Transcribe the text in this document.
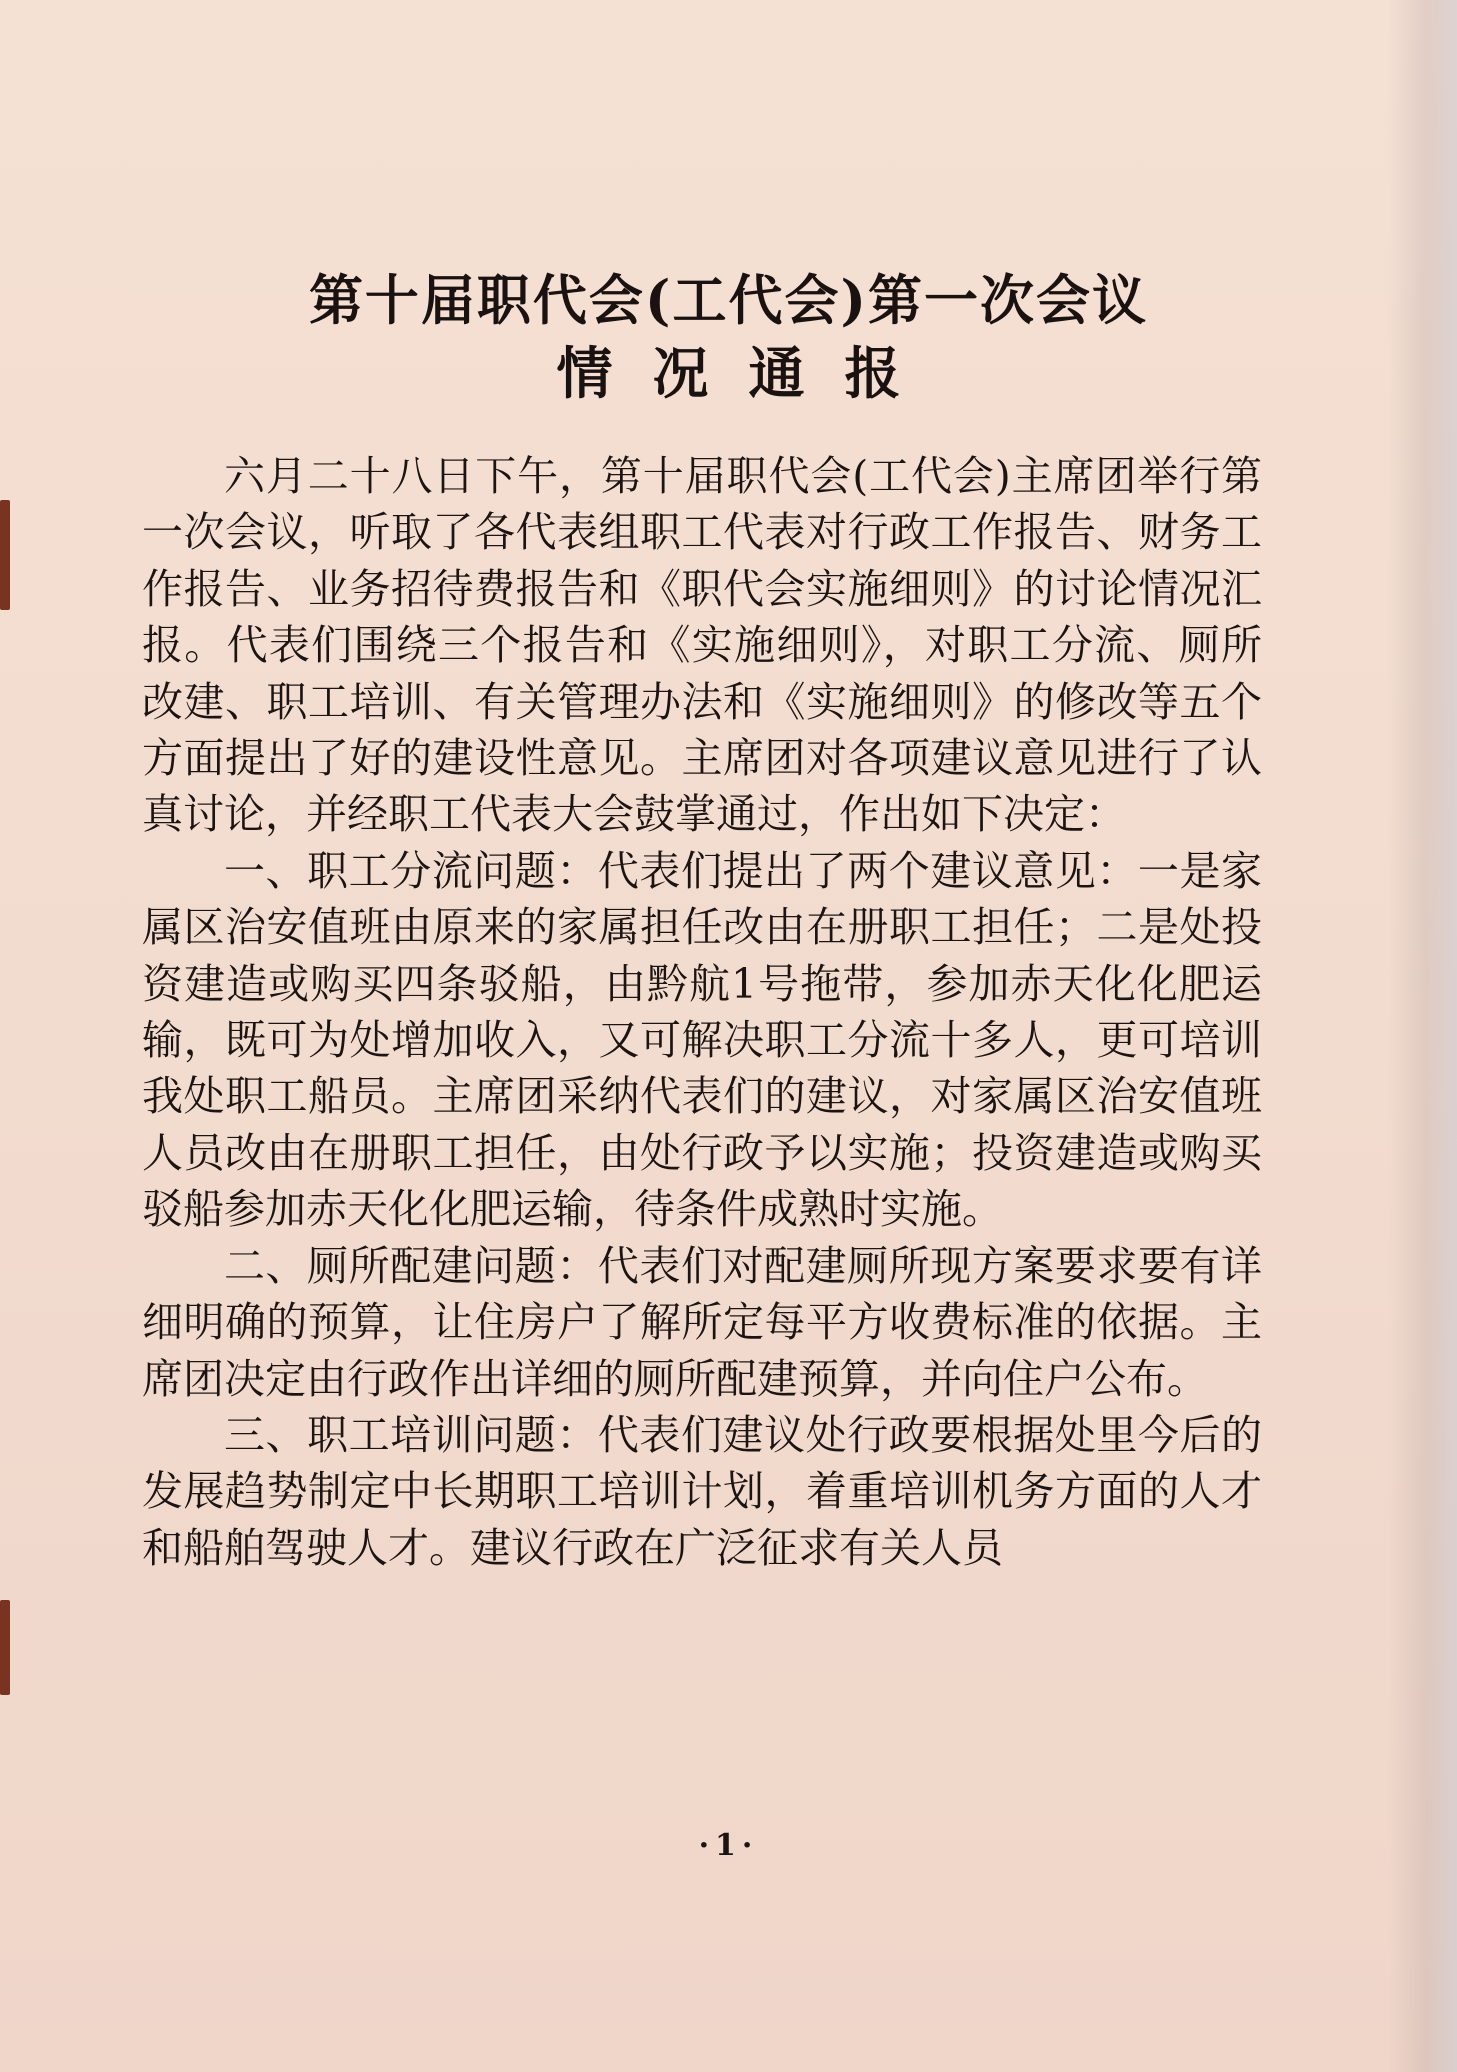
第十届职代会(工代会)第一次会议
情况通报

六月二十八日下午，第十届职代会(工代会)主席团举行第一次会议，听取了各代表组职工代表对行政工作报告、财务工作报告、业务招待费报告和《职代会实施细则》的讨论情况汇报。代表们围绕三个报告和《实施细则》，对职工分流、厕所改建、职工培训、有关管理办法和《实施细则》的修改等五个方面提出了好的建设性意见。主席团对各项建议意见进行了认真讨论，并经职工代表大会鼓掌通过，作出如下决定：

一、职工分流问题：代表们提出了两个建议意见：一是家属区治安值班由原来的家属担任改由在册职工担任；二是处投资建造或购买四条驳船，由黔航1号拖带，参加赤天化化肥运输，既可为处增加收入，又可解决职工分流十多人，更可培训我处职工船员。主席团采纳代表们的建议，对家属区治安值班人员改由在册职工担任，由处行政予以实施；投资建造或购买驳船参加赤天化化肥运输，待条件成熟时实施。

二、厕所配建问题：代表们对配建厕所现方案要求要有详细明确的预算，让住房户了解所定每平方收费标准的依据。主席团决定由行政作出详细的厕所配建预算，并向住户公布。

三、职工培训问题：代表们建议处行政要根据处里今后的发展趋势制定中长期职工培训计划，着重培训机务方面的人才和船舶驾驶人才。建议行政在广泛征求有关人员

·1·
